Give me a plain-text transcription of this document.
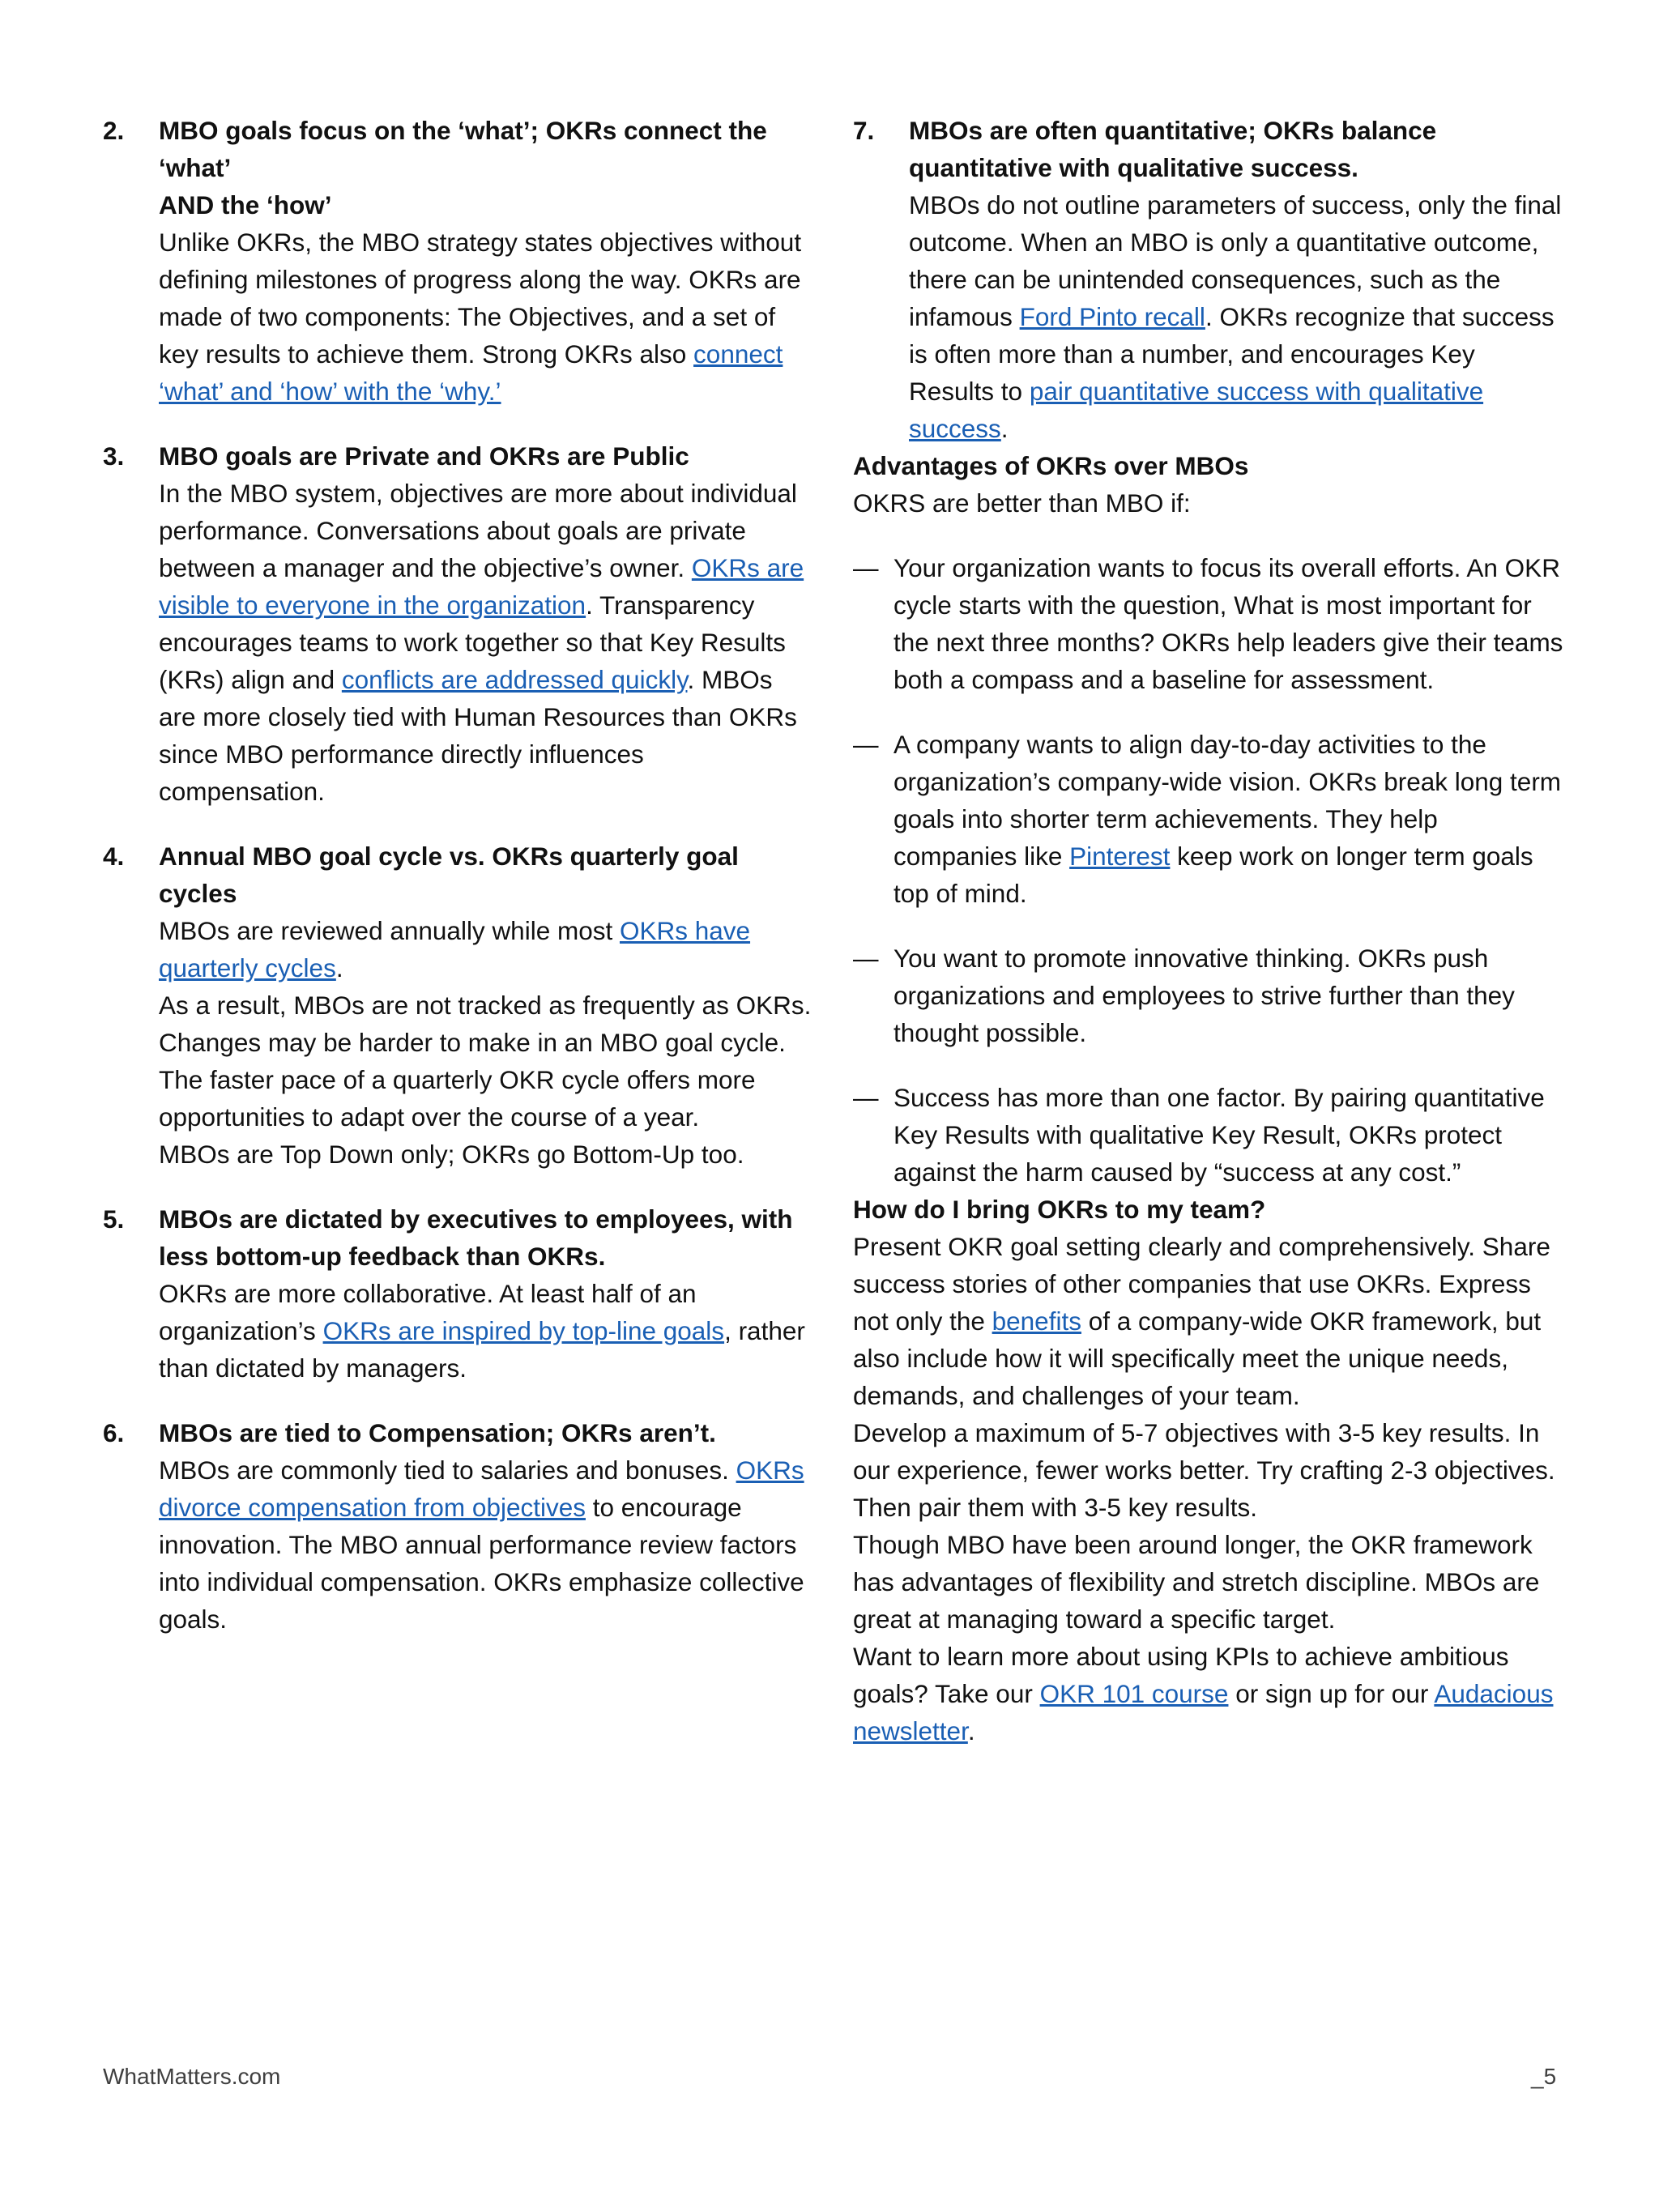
2. MBO goals focus on the ‘what’; OKRs connect the ‘what’
AND the ‘how’

Unlike OKRs, the MBO strategy states objectives without defining milestones of progress along the way. OKRs are made of two components: The Objectives, and a set of key results to achieve them. Strong OKRs also connect ‘what’ and ‘how’ with the ‘why.’

3. MBO goals are Private and OKRs are Public

In the MBO system, objectives are more about individual performance. Conversations about goals are private between a manager and the objective’s owner. OKRs are visible to everyone in the organization. Transparency encourages teams to work together so that Key Results (KRs) align and conflicts are addressed quickly. MBOs are more closely tied with Human Resources than OKRs since MBO performance directly influences compensation.

4. Annual MBO goal cycle vs. OKRs quarterly goal cycles

MBOs are reviewed annually while most OKRs have quarterly cycles.

As a result, MBOs are not tracked as frequently as OKRs. Changes may be harder to make in an MBO goal cycle. The faster pace of a quarterly OKR cycle offers more opportunities to adapt over the course of a year.

MBOs are Top Down only; OKRs go Bottom-Up too.

5. MBOs are dictated by executives to employees, with less bottom-up feedback than OKRs.

OKRs are more collaborative. At least half of an organization’s OKRs are inspired by top-line goals, rather than dictated by managers.

6. MBOs are tied to Compensation; OKRs aren’t.

MBOs are commonly tied to salaries and bonuses. OKRs divorce compensation from objectives to encourage innovation. The MBO annual performance review factors into individual compensation. OKRs emphasize collective goals.

7. MBOs are often quantitative; OKRs balance quantitative with qualitative success.

MBOs do not outline parameters of success, only the final outcome. When an MBO is only a quantitative outcome, there can be unintended consequences, such as the infamous Ford Pinto recall. OKRs recognize that success is often more than a number, and encourages Key Results to pair quantitative success with qualitative success.

Advantages of OKRs over MBOs

OKRS are better than MBO if:

— Your organization wants to focus its overall efforts. An OKR cycle starts with the question, What is most important for the next three months? OKRs help leaders give their teams both a compass and a baseline for assessment.

— A company wants to align day-to-day activities to the organization’s company-wide vision. OKRs break long term goals into shorter term achievements. They help companies like Pinterest keep work on longer term goals top of mind.

— You want to promote innovative thinking. OKRs push organizations and employees to strive further than they thought possible.

— Success has more than one factor. By pairing quantitative Key Results with qualitative Key Result, OKRs protect against the harm caused by “success at any cost.”

How do I bring OKRs to my team?

Present OKR goal setting clearly and comprehensively. Share success stories of other companies that use OKRs. Express not only the benefits of a company-wide OKR framework, but also include how it will specifically meet the unique needs, demands, and challenges of your team.

Develop a maximum of 5-7 objectives with 3-5 key results. In our experience, fewer works better. Try crafting 2-3 objectives. Then pair them with 3-5 key results.

Though MBO have been around longer, the OKR framework has advantages of flexibility and stretch discipline. MBOs are great at managing toward a specific target.

Want to learn more about using KPIs to achieve ambitious goals? Take our OKR 101 course or sign up for our Audacious newsletter.

WhatMatters.com	_5
